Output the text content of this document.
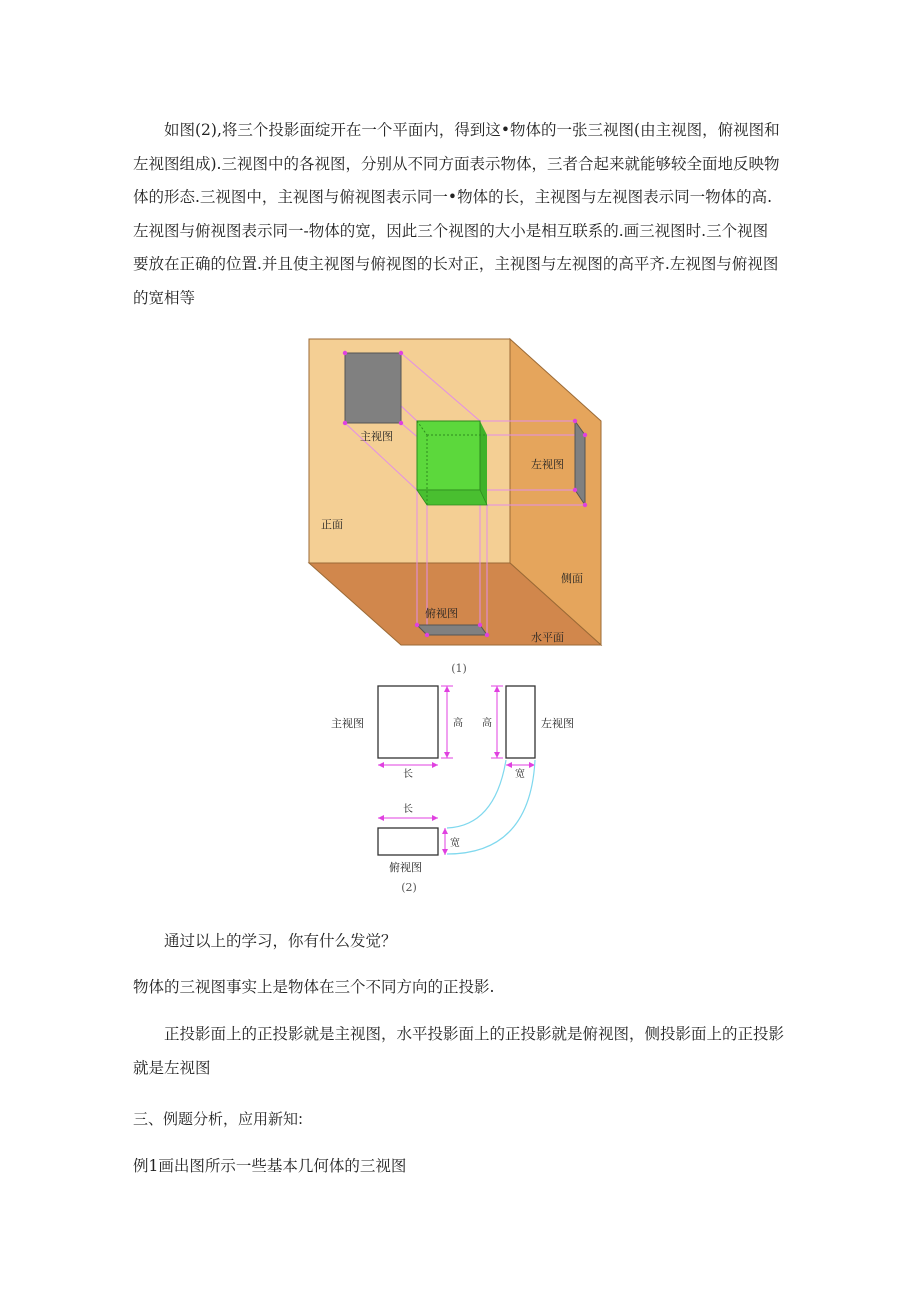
如图(2),将三个投影面绽开在一个平面内，得到这•物体的一张三视图(由主视图，俯视图和
左视图组成).三视图中的各视图，分别从不同方面表示物体，三者合起来就能够较全面地反映物
体的形态.三视图中，主视图与俯视图表示同一•物体的长，主视图与左视图表示同一物体的高.
左视图与俯视图表示同一-物体的宽，因此三个视图的大小是相互联系的.画三视图时.三个视图
要放在正确的位置.并且使主视图与俯视图的长对正，主视图与左视图的高平齐.左视图与俯视图
的宽相等
主视图
左视图
正面
侧面
俯视图
水平面
(1)
主视图	高
长
左视图
高
宽
长
俯视图
宽
(2)

通过以上的学习，你有什么发觉？

物体的三视图事实上是物体在三个不同方向的正投影.

正投影面上的正投影就是主视图，水平投影面上的正投影就是俯视图，侧投影面上的正投影
就是左视图

三、例题分析，应用新知:

例1画出图所示一些基本几何体的三视图
